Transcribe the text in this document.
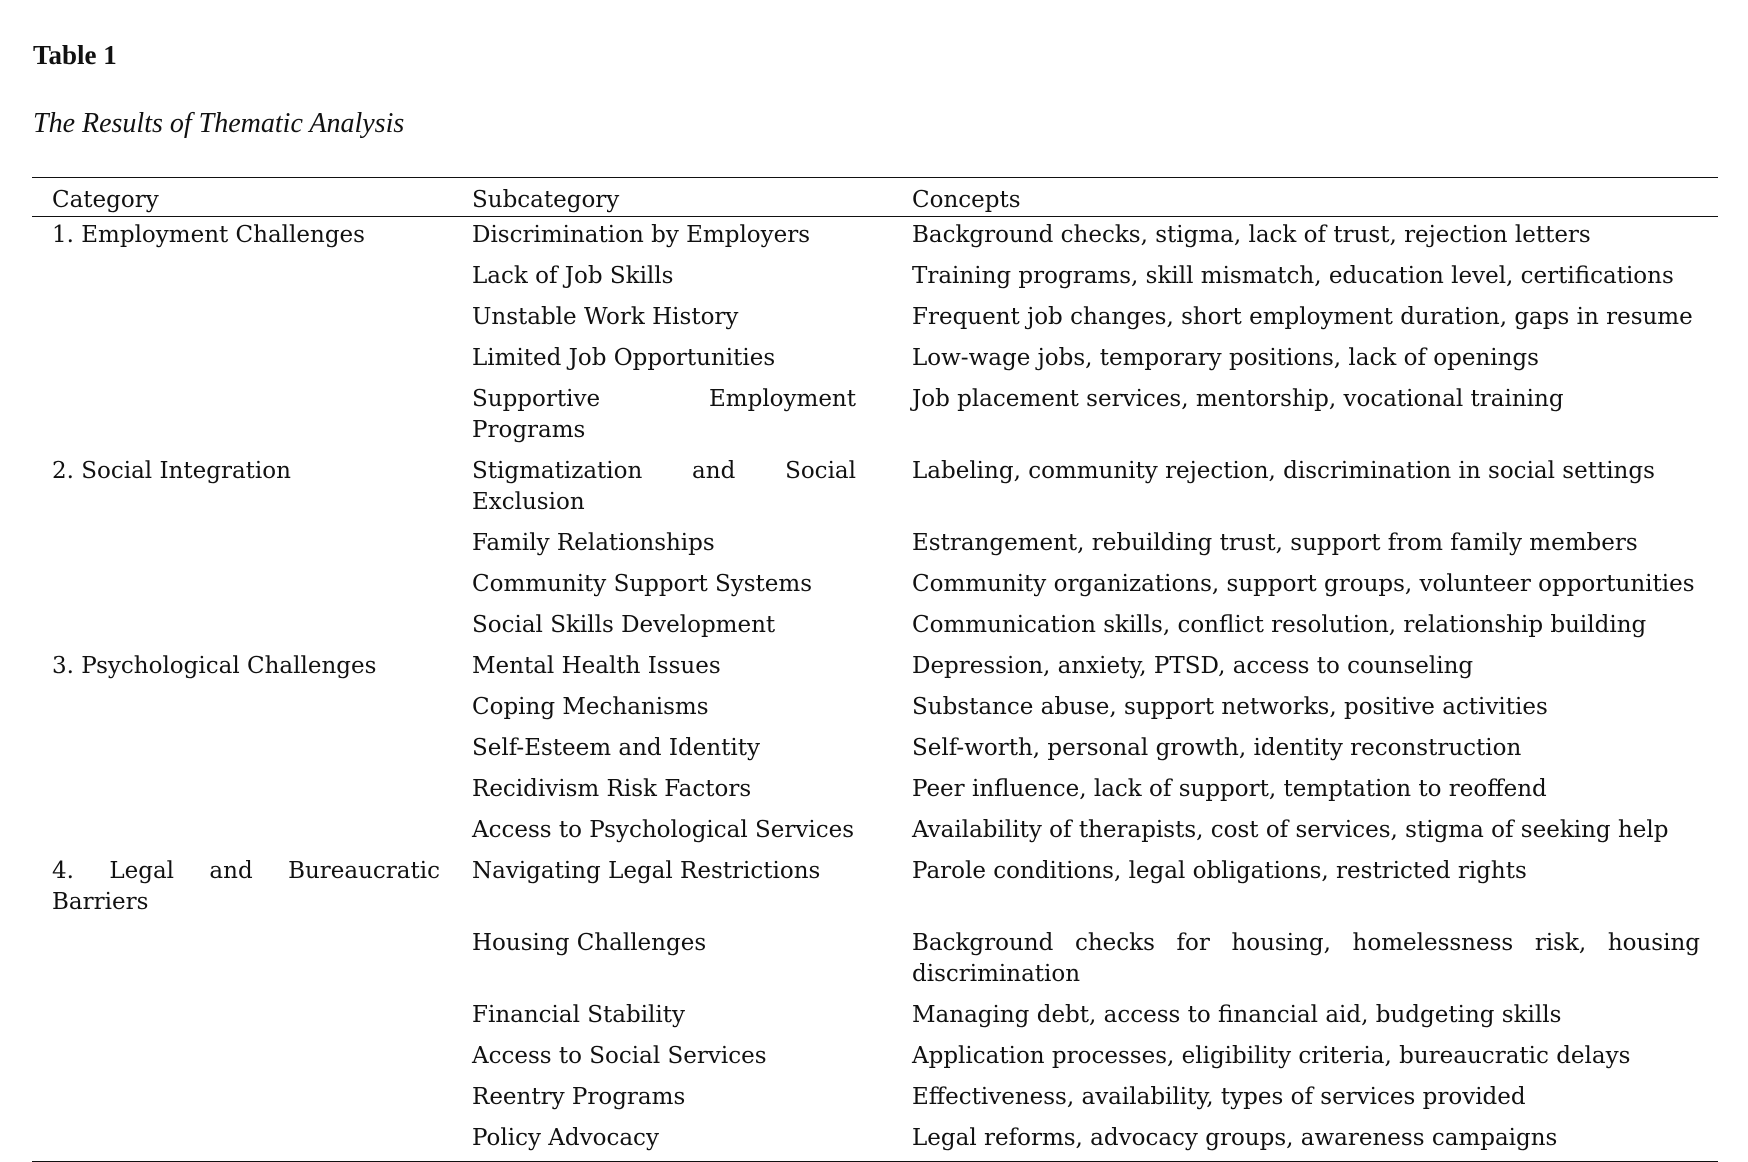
Table 1
The Results of Thematic Analysis
Category	Subcategory	Concepts
1. Employment Challenges	Discrimination by Employers	Background checks, stigma, lack of trust, rejection letters
	Lack of Job Skills	Training programs, skill mismatch, education level, certifications
	Unstable Work History	Frequent job changes, short employment duration, gaps in resume
	Limited Job Opportunities	Low-wage jobs, temporary positions, lack of openings
	Supportive Employment Programs	Job placement services, mentorship, vocational training
2. Social Integration	Stigmatization and Social Exclusion	Labeling, community rejection, discrimination in social settings
	Family Relationships	Estrangement, rebuilding trust, support from family members
	Community Support Systems	Community organizations, support groups, volunteer opportunities
	Social Skills Development	Communication skills, conflict resolution, relationship building
3. Psychological Challenges	Mental Health Issues	Depression, anxiety, PTSD, access to counseling
	Coping Mechanisms	Substance abuse, support networks, positive activities
	Self-Esteem and Identity	Self-worth, personal growth, identity reconstruction
	Recidivism Risk Factors	Peer influence, lack of support, temptation to reoffend
	Access to Psychological Services	Availability of therapists, cost of services, stigma of seeking help
4. Legal and Bureaucratic Barriers	Navigating Legal Restrictions	Parole conditions, legal obligations, restricted rights
	Housing Challenges	Background checks for housing, homelessness risk, housing discrimination
	Financial Stability	Managing debt, access to financial aid, budgeting skills
	Access to Social Services	Application processes, eligibility criteria, bureaucratic delays
	Reentry Programs	Effectiveness, availability, types of services provided
	Policy Advocacy	Legal reforms, advocacy groups, awareness campaigns
